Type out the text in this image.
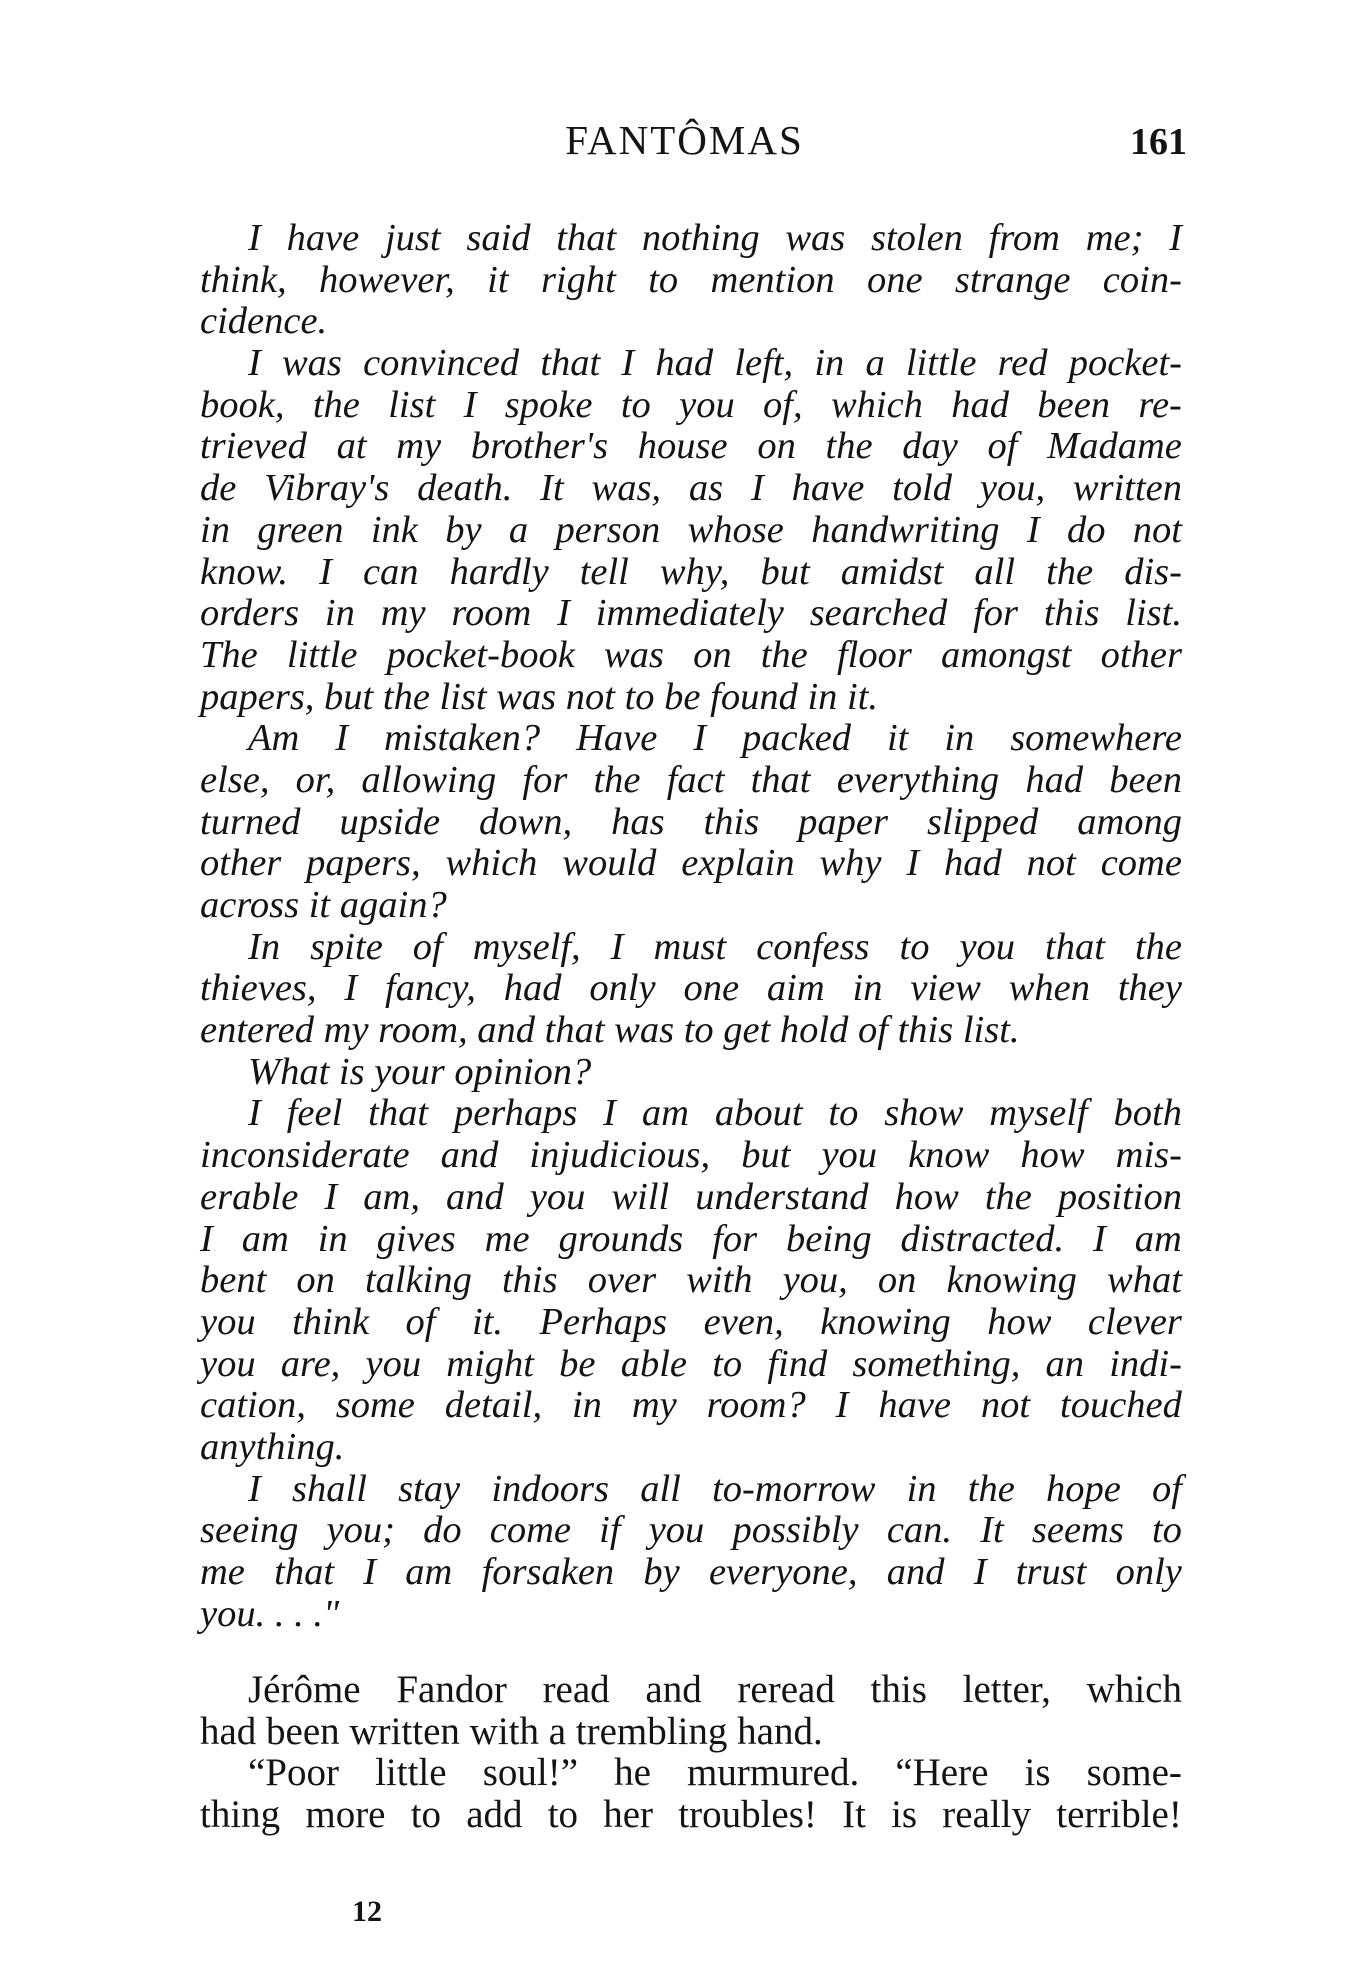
FANTÔMAS	161
I have just said that nothing was stolen from me; I
think, however, it right to mention one strange coin-
cidence.
I was convinced that I had left, in a little red pocket-
book, the list I spoke to you of, which had been re-
trieved at my brother's house on the day of Madame
de Vibray's death. It was, as I have told you, written
in green ink by a person whose handwriting I do not
know. I can hardly tell why, but amidst all the dis-
orders in my room I immediately searched for this list.
The little pocket-book was on the floor amongst other
papers, but the list was not to be found in it.
Am I mistaken? Have I packed it in somewhere
else, or, allowing for the fact that everything had been
turned upside down, has this paper slipped among
other papers, which would explain why I had not come
across it again?
In spite of myself, I must confess to you that the
thieves, I fancy, had only one aim in view when they
entered my room, and that was to get hold of this list.
What is your opinion?
I feel that perhaps I am about to show myself both
inconsiderate and injudicious, but you know how mis-
erable I am, and you will understand how the position
I am in gives me grounds for being distracted. I am
bent on talking this over with you, on knowing what
you think of it. Perhaps even, knowing how clever
you are, you might be able to find something, an indi-
cation, some detail, in my room? I have not touched
anything.
I shall stay indoors all to-morrow in the hope of
seeing you; do come if you possibly can. It seems to
me that I am forsaken by everyone, and I trust only
you. . . ."
Jérôme Fandor read and reread this letter, which
had been written with a trembling hand.
“Poor little soul!” he murmured. “Here is some-
thing more to add to her troubles! It is really terrible!
12
